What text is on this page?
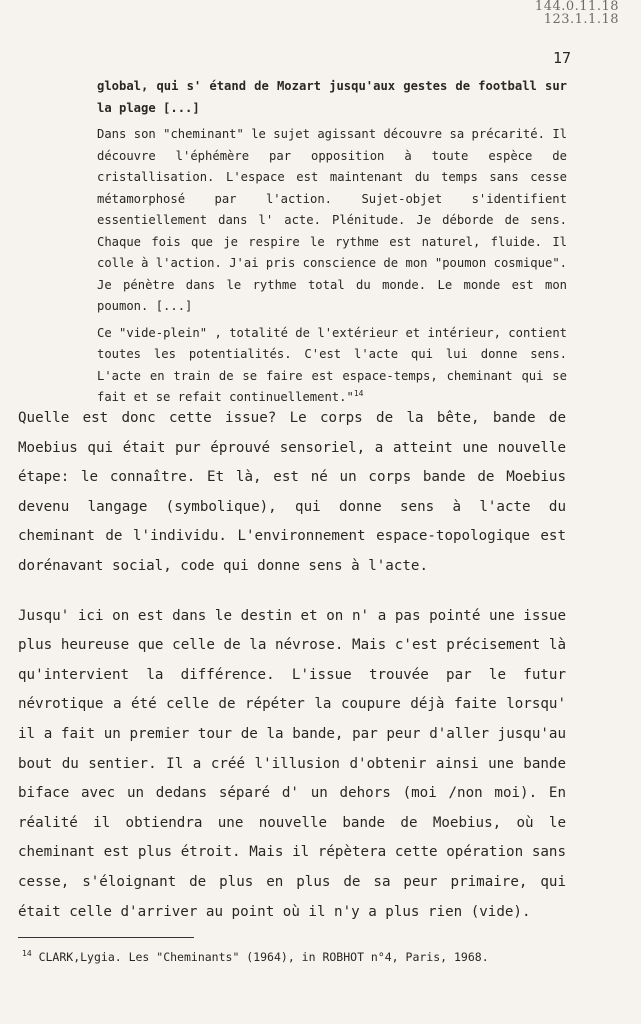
144.0.11.18
123.1.1.18
17

global, qui s' étand de Mozart jusqu'aux gestes de football sur la plage [...]

Dans son "cheminant" le sujet agissant découvre sa précarité. Il découvre l'éphémère par opposition à toute espèce de cristallisation. L'espace est maintenant du temps sans cesse métamorphosé par l'action. Sujet-objet s'identifient essentiellement dans l' acte. Plénitude. Je déborde de sens. Chaque fois que je respire le rythme est naturel, fluide. Il colle à l'action. J'ai pris conscience de mon "poumon cosmique". Je pénètre dans le rythme total du monde. Le monde est mon poumon. [...]

Ce "vide-plein" , totalité de l'extérieur et intérieur, contient toutes les potentialités. C'est l'acte qui lui donne sens. L'acte en train de se faire est espace-temps, cheminant qui se fait et se refait continuellement."$^{14}$

Quelle est donc cette issue? Le corps de la bête, bande de Moebius qui était pur éprouvé sensoriel, a atteint une nouvelle étape: le connaître. Et là, est né un corps bande de Moebius devenu langage (symbolique), qui donne sens à l'acte du cheminant de l'individu. L'environnement espace-topologique est dorénavant social, code qui donne sens à l'acte.

Jusqu' ici on est dans le destin et on n' a pas pointé une issue plus heureuse que celle de la névrose. Mais c'est précisement là qu'intervient la différence. L'issue trouvée par le futur névrotique a été celle de répéter la coupure déjà faite lorsqu' il a fait un premier tour de la bande, par peur d'aller jusqu'au bout du sentier. Il a créé l'illusion d'obtenir ainsi une bande biface avec un dedans séparé d' un dehors (moi /non moi). En réalité il obtiendra une nouvelle bande de Moebius, où le cheminant est plus étroit. Mais il répètera cette opération sans cesse, s'éloignant de plus en plus de sa peur primaire, qui était celle d'arriver au point où il n'y a plus rien (vide).

$^{14}$ CLARK,Lygia. Les "Cheminants" (1964), in ROBHOT n°4, Paris, 1968.
